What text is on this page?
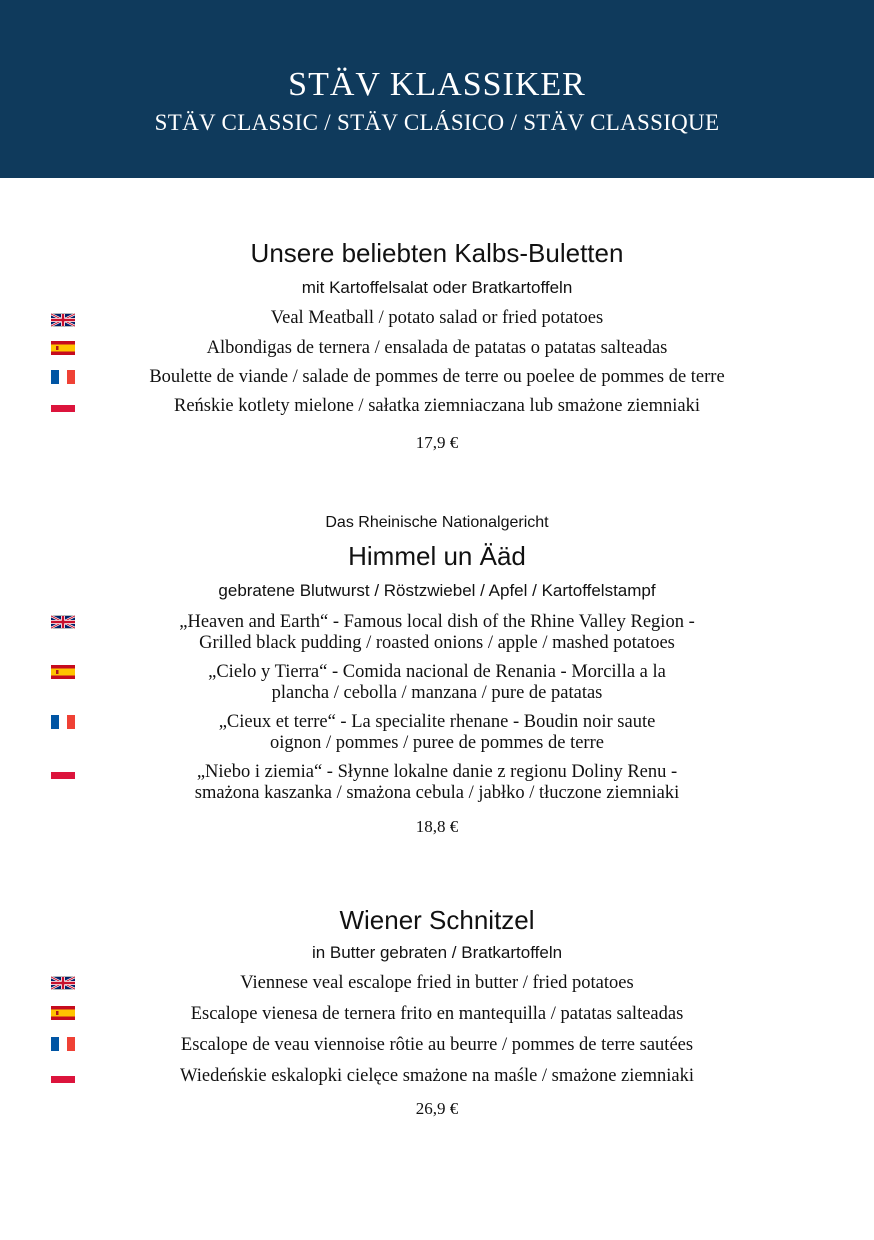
STÄV KLASSIKER
STÄV CLASSIC / STÄV CLÁSICO / STÄV CLASSIQUE
Unsere beliebten Kalbs-Buletten
mit Kartoffelsalat oder Bratkartoffeln
Veal Meatball / potato salad or fried potatoes
Albondigas de ternera / ensalada de patatas o patatas salteadas
Boulette de viande / salade de pommes de terre ou poelee de pommes de terre
Reńskie kotlety mielone / sałatka ziemniaczana lub smażone ziemniaki
17,9 €
Das Rheinische Nationalgericht
Himmel un Ääd
gebratene Blutwurst / Röstzwiebel / Apfel / Kartoffelstampf
„Heaven and Earth“ - Famous local dish of the Rhine Valley Region -
Grilled black pudding / roasted onions / apple / mashed potatoes
„Cielo y Tierra“ - Comida nacional de Renania - Morcilla a la
plancha / cebolla / manzana / pure de patatas
„Cieux et terre“ - La specialite rhenane - Boudin noir saute
oignon / pommes / puree de pommes de terre
„Niebo i ziemia“ - Słynne lokalne danie z regionu Doliny Renu -
smażona kaszanka / smażona cebula / jabłko / tłuczone ziemniaki
18,8 €
Wiener Schnitzel
in Butter gebraten / Bratkartoffeln
Viennese veal escalope fried in butter / fried potatoes
Escalope vienesa de ternera frito en mantequilla / patatas salteadas
Escalope de veau viennoise rôtie au beurre / pommes de terre sautées
Wiedeńskie eskalopki cielęce smażone na maśle / smażone ziemniaki
26,9 €
